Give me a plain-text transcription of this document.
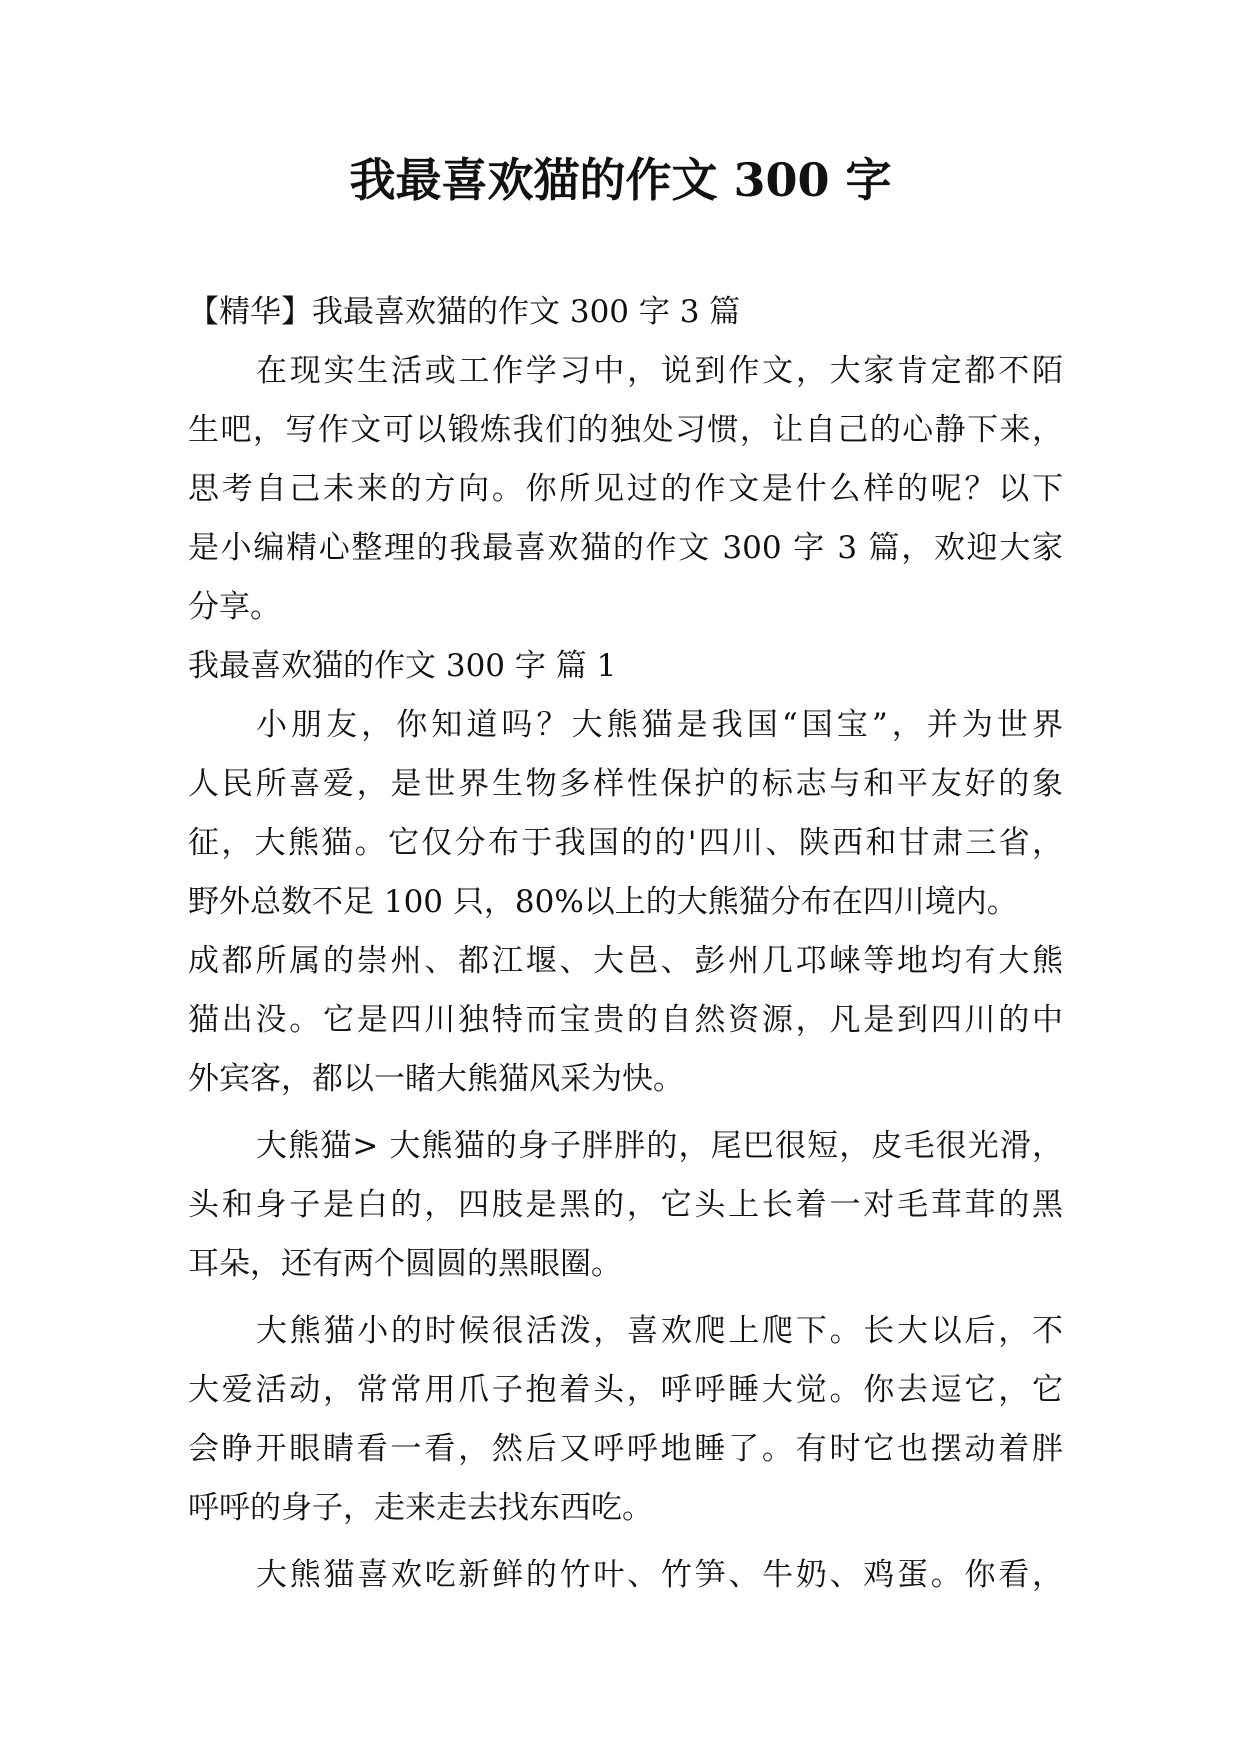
我最喜欢猫的作文 300 字
【精华】我最喜欢猫的作文 300 字 3 篇
在现实生活或工作学习中，说到作文，大家肯定都不陌
生吧，写作文可以锻炼我们的独处习惯，让自己的心静下来，
思考自己未来的方向。你所见过的作文是什么样的呢？以下
是小编精心整理的我最喜欢猫的作文 300 字 3 篇，欢迎大家
分享。
我最喜欢猫的作文 300 字 篇 1
小朋友，你知道吗？大熊猫是我国“国宝”，并为世界
人民所喜爱，是世界生物多样性保护的标志与和平友好的象
征，大熊猫。它仅分布于我国的的'四川、陕西和甘肃三省，
野外总数不足 100 只，80%以上的大熊猫分布在四川境内。
成都所属的崇州、都江堰、大邑、彭州几邛崃等地均有大熊
猫出没。它是四川独特而宝贵的自然资源，凡是到四川的中
外宾客，都以一睹大熊猫风采为快。
大熊猫> 大熊猫的身子胖胖的，尾巴很短，皮毛很光滑，
头和身子是白的，四肢是黑的，它头上长着一对毛茸茸的黑
耳朵，还有两个圆圆的黑眼圈。
大熊猫小的时候很活泼，喜欢爬上爬下。长大以后，不
大爱活动，常常用爪子抱着头，呼呼睡大觉。你去逗它，它
会睁开眼睛看一看，然后又呼呼地睡了。有时它也摆动着胖
呼呼的身子，走来走去找东西吃。
大熊猫喜欢吃新鲜的竹叶、竹笋、牛奶、鸡蛋。你看，
